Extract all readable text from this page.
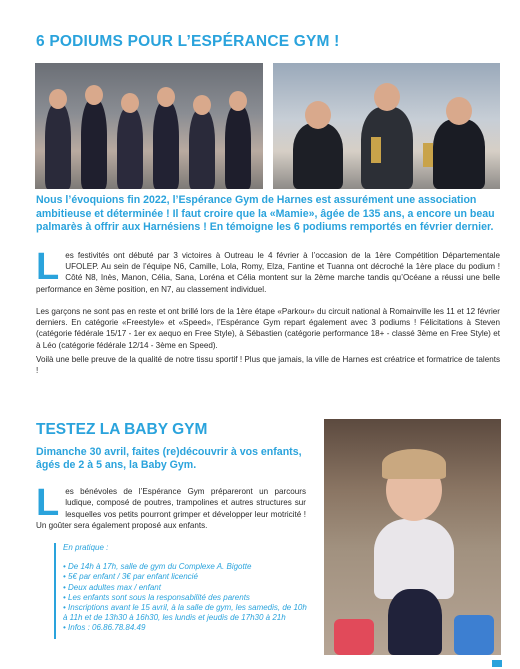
6 PODIUMS POUR L’ESPÉRANCE GYM !
Nous l’évoquions fin 2022, l’Espérance Gym de Harnes est assurément une association ambitieuse et déterminée ! Il faut croire que la «Mamie», âgée de 135 ans, a encore un beau palmarès à offrir aux Harnésiens ! En témoigne les 6 podiums remportés en février dernier.
L es festivités ont débuté par 3 victoires à Outreau le 4 février à l’occasion de la 1ère Compétition Départementale UFOLEP. Au sein de l’équipe N6, Camille, Lola, Romy, Elza, Fantine et Tuanna ont décroché la 1ère place du podium ! Côté N8, Inès, Manon, Célia, Sana, Loréna et Célia montent sur la 2ème marche tandis qu’Océane a réussi une belle performance en 3ème position, en N7, au classement individuel.
Les garçons ne sont pas en reste et ont brillé lors de la 1ère étape «Parkour» du circuit national à Romainville les 11 et 12 février derniers. En catégorie «Freestyle» et «Speed», l’Espérance Gym repart également avec 3 podiums ! Félicitations à Steven (catégorie fédérale 15/17 - 1er ex aequo en Free Style), à Sébastien (catégorie performance 18+ - classé 3ème en Free Style) et à Léo (catégorie fédérale 12/14 - 3ème en Speed).
Voilà une belle preuve de la qualité de notre tissu sportif ! Plus que jamais, la ville de Harnes est créatrice et formatrice de talents !
TESTEZ LA BABY GYM
Dimanche 30 avril, faites (re)découvrir à vos enfants, âgés de 2 à 5 ans, la Baby Gym.
L es bénévoles de l’Espérance Gym prépareront un parcours ludique, composé de poutres, trampolines et autres structures sur lesquelles vos petits pourront grimper et développer leur motricité ! Un goûter sera également proposé aux enfants.
En pratique :
• De 14h à 17h, salle de gym du Complexe A. Bigotte
• 5€ par enfant / 3€ par enfant licencié
• Deux adultes max / enfant
• Les enfants sont sous la responsabilité des parents
• Inscriptions avant le 15 avril, à la salle de gym, les samedis, de 10h à 11h et de 13h30 à 16h30, les lundis et jeudis de 17h30 à 21h
• Infos : 06.86.78.84.49
